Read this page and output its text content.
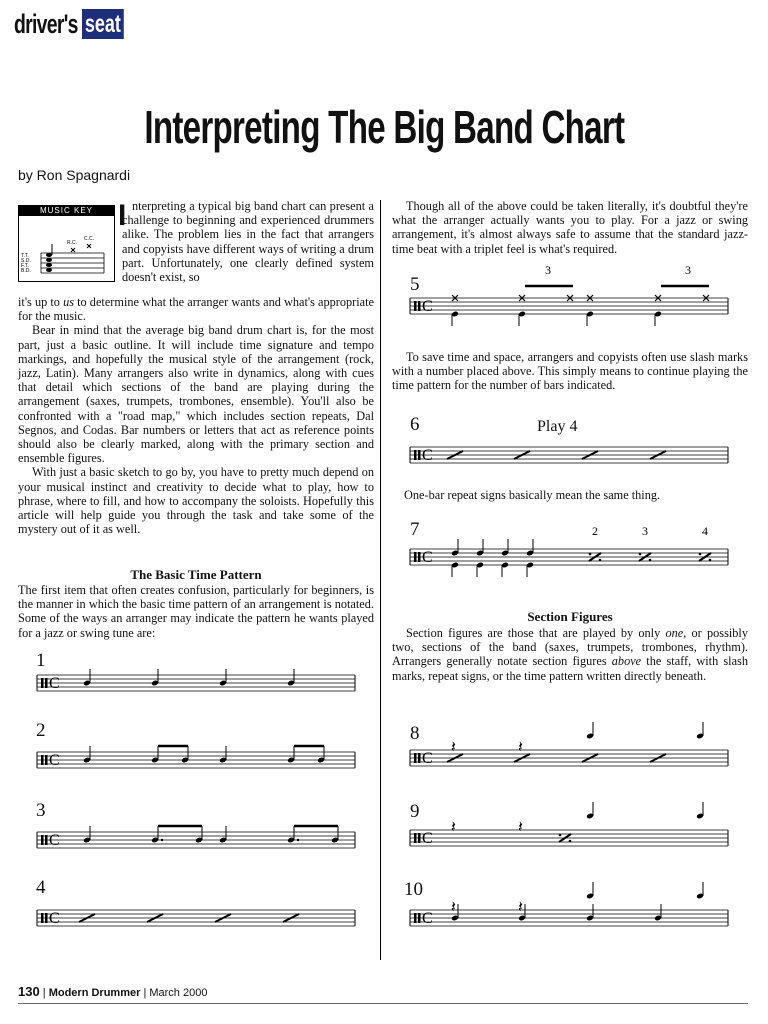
driver's seat
Interpreting The Big Band Chart
by Ron Spagnardi
MUSIC KEY
T.T.
S.D.
F.T.
B.D.
R.C.
C.C.

I nterpreting a typical big band chart can present a challenge to beginning and experienced drummers alike. The problem lies in the fact that arrangers and copyists have different ways of writing a drum part. Unfortunately, one clearly defined system doesn't exist, so

it's up to us to determine what the arranger wants and what's appropriate for the music.

Bear in mind that the average big band drum chart is, for the most part, just a basic outline. It will include time signature and tempo markings, and hopefully the musical style of the arrangement (rock, jazz, Latin). Many arrangers also write in dynamics, along with cues that detail which sections of the band are playing during the arrangement (saxes, trumpets, trombones, ensemble). You'll also be confronted with a "road map," which includes section repeats, Dal Segnos, and Codas. Bar numbers or letters that act as reference points should also be clearly marked, along with the primary section and ensemble figures.

With just a basic sketch to go by, you have to pretty much depend on your musical instinct and creativity to decide what to play, how to phrase, where to fill, and how to accompany the soloists. Hopefully this article will help guide you through the task and take some of the mystery out of it as well.

The Basic Time Pattern
The first item that often creates confusion, particularly for beginners, is the manner in which the basic time pattern of an arrangement is notated. Some of the ways an arranger may indicate the pattern he wants played for a jazz or swing tune are:
Though all of the above could be taken literally, it's doubtful they're what the arranger actually wants you to play. For a jazz or swing arrangement, it's almost always safe to assume that the standard jazz-time beat with a triplet feel is what's required.
To save time and space, arrangers and copyists often use slash marks with a number placed above. This simply means to continue playing the time pattern for the number of bars indicated.
One-bar repeat signs basically mean the same thing.
Section Figures
Section figures are those that are played by only one, or possibly two, sections of the band (saxes, trumpets, trombones, rhythm). Arrangers generally notate section figures above the staff, with slash marks, repeat signs, or the time pattern written directly beneath.
1
2
3
4
5
6
7
8
9
10
Play 4
C
C
C
C
C
3	3
C
C
2	3	4
C
𝄽	𝄽
C
𝄽	𝄽
C
𝄽	𝄽
130 | Modern Drummer | March 2000
